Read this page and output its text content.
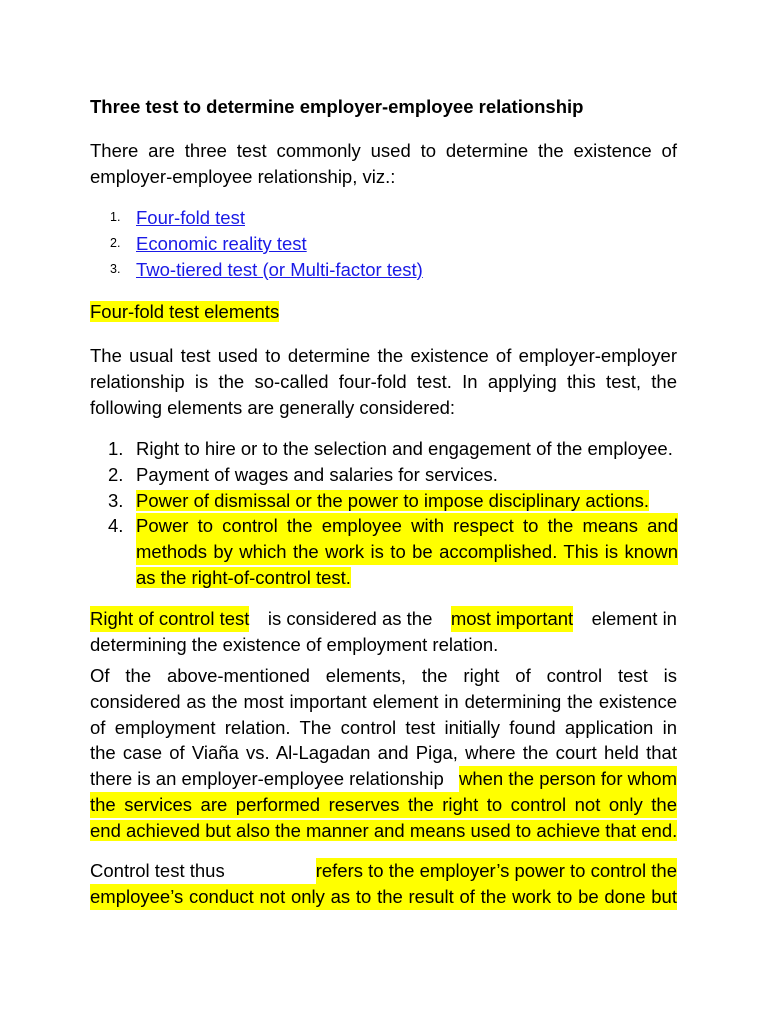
Three test to determine employer-employee relationship
There are three test commonly used to determine the existence of
employer-employee relationship, viz.:
1. Four-fold test
2. Economic reality test
3. Two-tiered test (or Multi-factor test)
Four-fold test elements
The usual test used to determine the existence of employer-employer
relationship is the so-called four-fold test. In applying this test, the
following elements are generally considered:
1. Right to hire or to the selection and engagement of the employee.
2. Payment of wages and salaries for services.
3. Power of dismissal or the power to impose disciplinary actions.
4. Power to control the employee with respect to the means and
methods by which the work is to be accomplished. This is known
as the right-of-control test.
Right of control test is considered as the most important element in
determining the existence of employment relation.
Of the above-mentioned elements, the right of control test is
considered as the most important element in determining the existence
of employment relation. The control test initially found application in
the case of Viaña vs. Al-Lagadan and Piga, where the court held that
there is an employer-employee relationship when the person for whom
the services are performed reserves the right to control not only the
end achieved but also the manner and means used to achieve that end.
Control test thus	refers to the employer’s power to control the
employee’s conduct not only as to the result of the work to be done but
